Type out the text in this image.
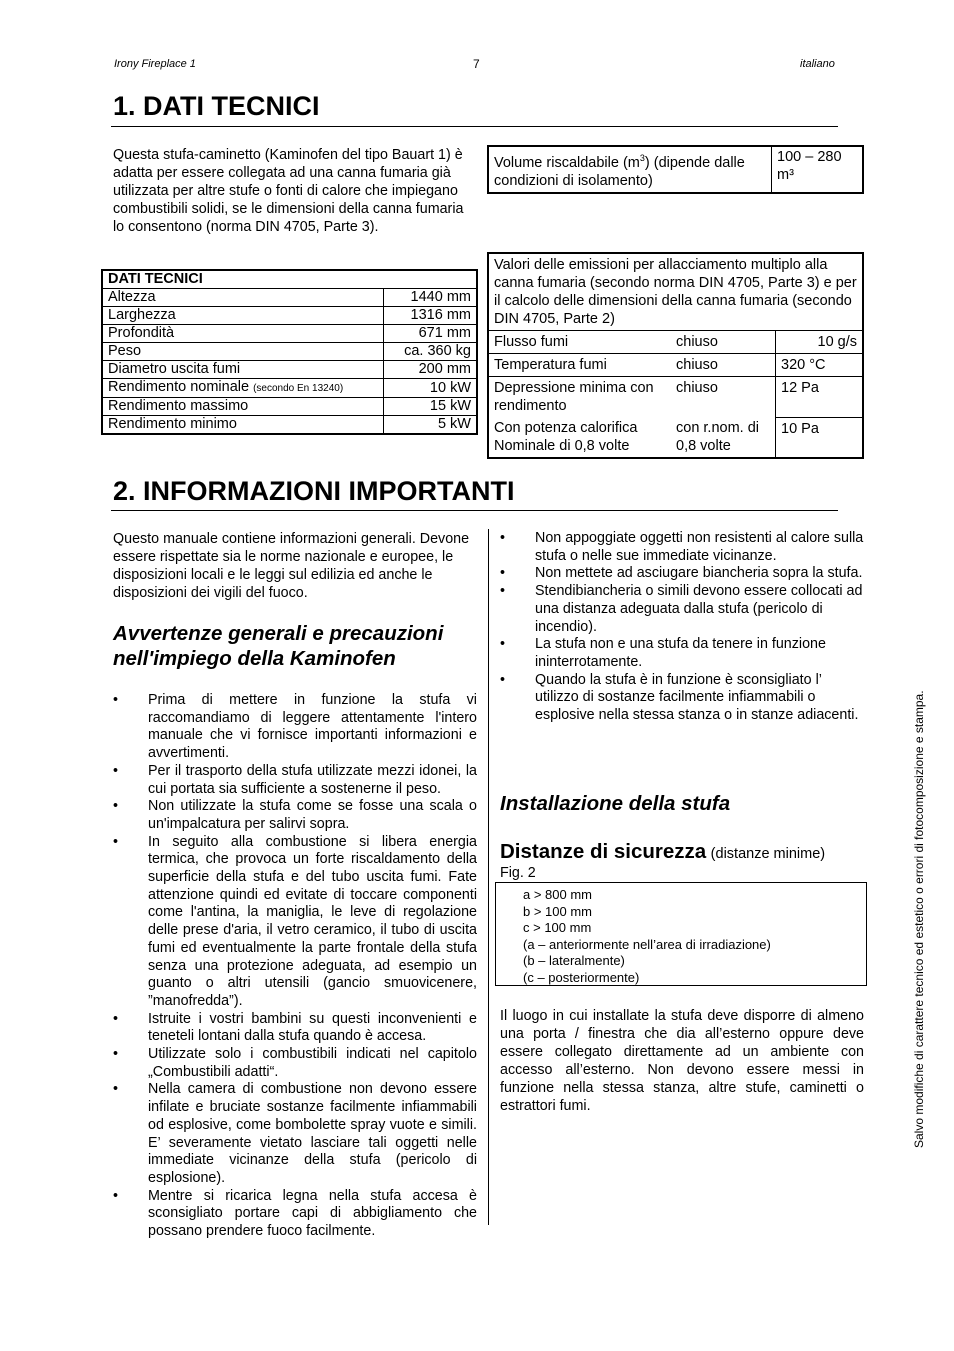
Irony Fireplace 1	7	italiano
1. DATI TECNICI
Questa stufa-caminetto (Kaminofen del tipo Bauart 1) è adatta per essere collegata ad una canna fumaria già utilizzata per altre stufe o fonti di calore che impiegano combustibili solidi, se le dimensioni della canna fumaria lo consentono (norma DIN 4705, Parte 3).
DATI TECNICI	
Altezza	1440 mm
Larghezza	1316 mm
Profondità	671 mm
Peso	ca. 360 kg
Diametro uscita fumi	200 mm
Rendimento nominale (secondo En 13240)	10 kW
Rendimento massimo	15 kW
Rendimento minimo	5 kW
Volume riscaldabile $(m^3)$ (dipende dalle condizioni di isolamento)	100 – 280 m³
Valori delle emissioni per allacciamento multiplo alla canna fumaria (secondo norma DIN 4705, Parte 3) e per il calcolo delle dimensioni della canna fumaria (secondo DIN 4705, Parte 2)		
Flusso fumi	chiuso	10 g/s
Temperatura fumi	chiuso	320 °C
Depressione minima con rendimento	chiuso	12 Pa
Con potenza calorifica Nominale di 0,8 volte	con r.nom. di 0,8 volte	10 Pa
2. INFORMAZIONI IMPORTANTI
Questo manuale contiene informazioni generali. Devone essere rispettate sia le norme nazionale e europee, le disposizioni locali e le leggi sul edilizia ed anche le disposizioni dei vigili del fuoco.
Avvertenze generali e precauzioni nell'impiego della Kaminofen
• Prima di mettere in funzione la stufa vi raccomandiamo di leggere attentamente l'intero manuale che vi fornisce importanti informazioni e avvertimenti.
• Per il trasporto della stufa utilizzate mezzi idonei, la cui portata sia sufficiente a sostenerne il peso.
• Non utilizzate la stufa come se fosse una scala o un'impalcatura per salirvi sopra.
• In seguito alla combustione si libera energia termica, che provoca un forte riscaldamento della superficie della stufa e del tubo uscita fumi. Fate attenzione quindi ed evitate di toccare componenti come l'antina, la maniglia, le leve di regolazione delle prese d'aria, il vetro ceramico, il tubo di uscita fumi ed eventualmente la parte frontale della stufa senza una protezione adeguata, ad esempio un guanto o altri utensili (gancio smuovicenere, ”manofredda”).
• Istruite i vostri bambini su questi inconvenienti e teneteli lontani dalla stufa quando è accesa.
• Utilizzate solo i combustibili indicati nel capitolo „Combustibili adatti“.
• Nella camera di combustione non devono essere infilate e bruciate sostanze facilmente infiammabili od esplosive, come bombolette spray vuote e simili. E’ severamente vietato lasciare tali oggetti nelle immediate vicinanze della stufa (pericolo di esplosione).
• Mentre si ricarica legna nella stufa accesa è sconsigliato portare capi di abbigliamento che possano prendere fuoco facilmente.
• Non appoggiate oggetti non resistenti al calore sulla stufa o nelle sue immediate vicinanze.
• Non mettete ad asciugare biancheria sopra la stufa.
• Stendibiancheria o simili devono essere collocati ad una distanza adeguata dalla stufa (pericolo di incendio).
• La stufa non e una stufa da tenere in funzione ininterrotamente.
• Quando la stufa è in funzione è sconsigliato l’ utilizzo di sostanze facilmente infiammabili o esplosive nella stessa stanza o in stanze adiacenti.
Installazione della stufa
Distanze di sicurezza (distanze minime)
Fig. 2
a > 800 mm
b > 100 mm
c > 100 mm
(a – anteriormente nell’area di irradiazione)
(b – lateralmente)
(c – posteriormente)
Il luogo in cui installate la stufa deve disporre di almeno una porta / finestra che dia all’esterno oppure deve essere collegato direttamente ad un ambiente con accesso all’esterno. Non devono essere messi in funzione nella stessa stanza, altre stufe, caminetti o estrattori fumi.	Salvo modifiche di carattere tecnico ed estetico o errori di fotocomposizione e stampa.
